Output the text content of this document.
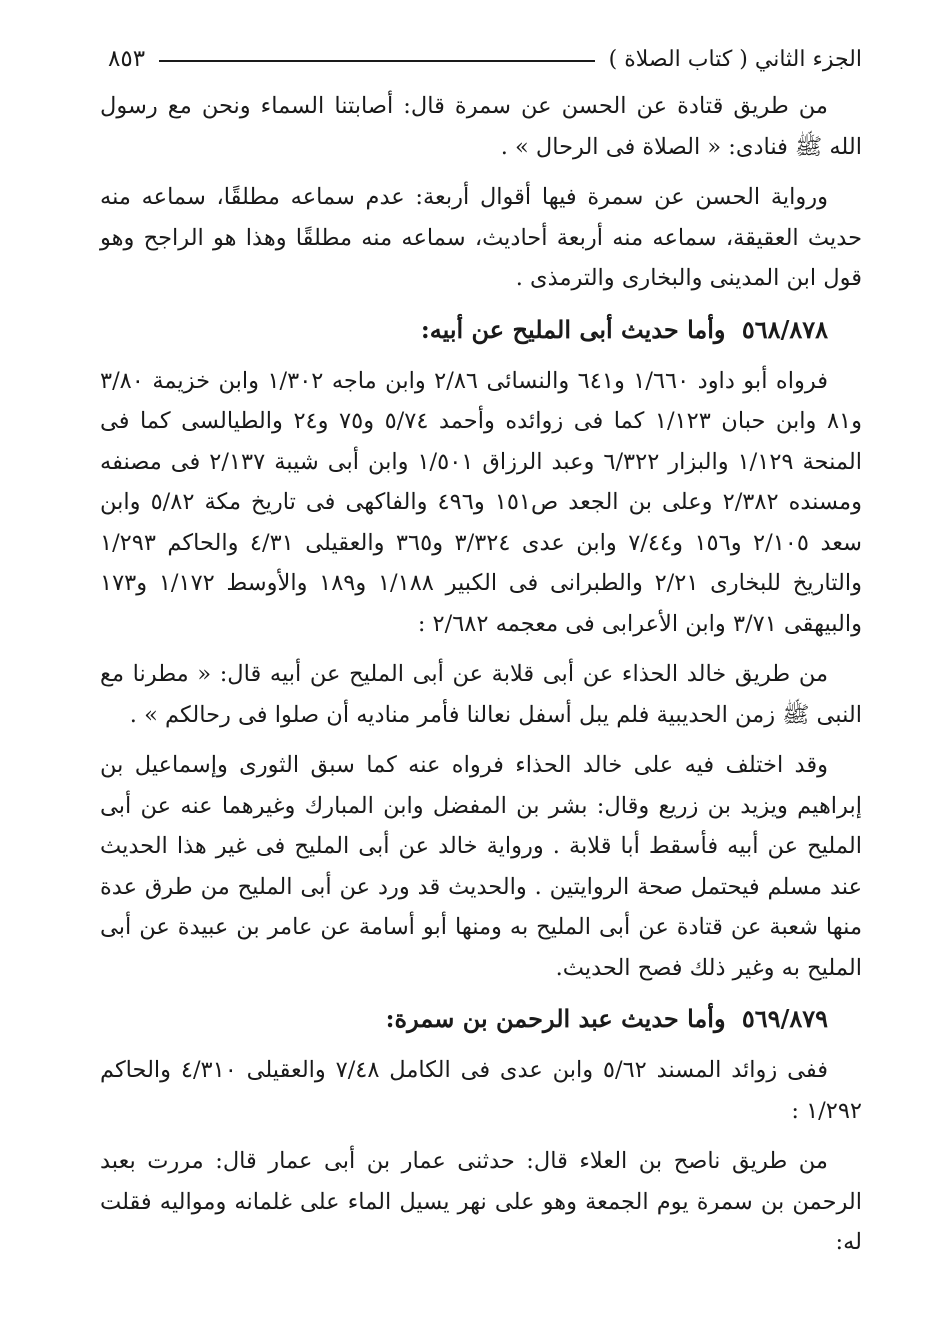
الجزء الثاني ( كتاب الصلاة )
٨٥٣

من طريق قتادة عن الحسن عن سمرة قال: أصابتنا السماء ونحن مع رسول الله ﷺ فنادى: « الصلاة فى الرحال » .

ورواية الحسن عن سمرة فيها أقوال أربعة: عدم سماعه مطلقًا، سماعه منه حديث العقيقة، سماعه منه أربعة أحاديث، سماعه منه مطلقًا وهذا هو الراجح وهو قول ابن المدينى والبخارى والترمذى .

٥٦٨/٨٧٨ وأما حديث أبى المليح عن أبيه:

فرواه أبو داود ١/٦٦٠ و٦٤١ والنسائى ٢/٨٦ وابن ماجه ١/٣٠٢ وابن خزيمة ٣/٨٠ و٨١ وابن حبان ١/١٢٣ كما فى زوائده وأحمد ٥/٧٤ و٧٥ و٢٤ والطيالسى كما فى المنحة ١/١٢٩ والبزار ٦/٣٢٢ وعبد الرزاق ١/٥٠١ وابن أبى شيبة ٢/١٣٧ فى مصنفه ومسنده ٢/٣٨٢ وعلى بن الجعد ص١٥١ و٤٩٦ والفاكهى فى تاريخ مكة ٥/٨٢ وابن سعد ٢/١٠٥ و١٥٦ و٧/٤٤ وابن عدى ٣/٣٢٤ و٣٦٥ والعقيلى ٤/٣١ والحاكم ١/٢٩٣ والتاريخ للبخارى ٢/٢١ والطبرانى فى الكبير ١/١٨٨ و١٨٩ والأوسط ١/١٧٢ و١٧٣ والبيهقى ٣/٧١ وابن الأعرابى فى معجمه ٢/٦٨٢ :

من طريق خالد الحذاء عن أبى قلابة عن أبى المليح عن أبيه قال: « مطرنا مع النبى ﷺ زمن الحديبية فلم يبل أسفل نعالنا فأمر مناديه أن صلوا فى رحالكم » .

وقد اختلف فيه على خالد الحذاء فرواه عنه كما سبق الثورى وإسماعيل بن إبراهيم ويزيد بن زريع وقال: بشر بن المفضل وابن المبارك وغيرهما عنه عن أبى المليح عن أبيه فأسقط أبا قلابة . ورواية خالد عن أبى المليح فى غير هذا الحديث عند مسلم فيحتمل صحة الروايتين . والحديث قد ورد عن أبى المليح من طرق عدة منها شعبة عن قتادة عن أبى المليح به ومنها أبو أسامة عن عامر بن عبيدة عن أبى المليح به وغير ذلك فصح الحديث.

٥٦٩/٨٧٩ وأما حديث عبد الرحمن بن سمرة:

ففى زوائد المسند ٥/٦٢ وابن عدى فى الكامل ٧/٤٨ والعقيلى ٤/٣١٠ والحاكم ١/٢٩٢ :

من طريق ناصح بن العلاء قال: حدثنى عمار بن أبى عمار قال: مررت بعبد الرحمن بن سمرة يوم الجمعة وهو على نهر يسيل الماء على غلمانه ومواليه فقلت له:
